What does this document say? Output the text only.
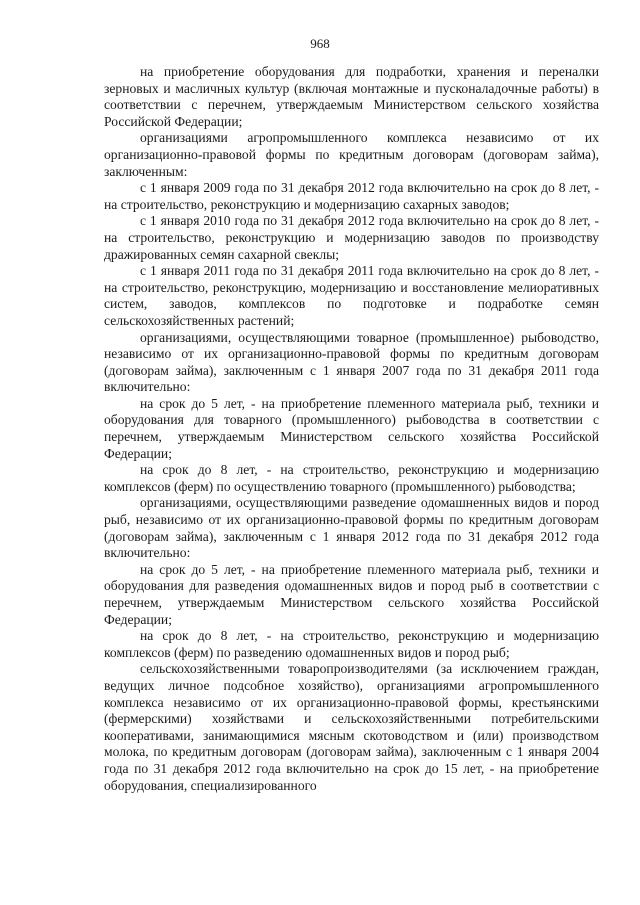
968

на приобретение оборудования для подработки, хранения и переналки зерновых и масличных культур (включая монтажные и пусконаладочные работы) в соответствии с перечнем, утверждаемым Министерством сельского хозяйства Российской Федерации;

организациями агропромышленного комплекса независимо от их организационно-правовой формы по кредитным договорам (договорам займа), заключенным:

с 1 января 2009 года по 31 декабря 2012 года включительно на срок до 8 лет, - на строительство, реконструкцию и модернизацию сахарных заводов;

с 1 января 2010 года по 31 декабря 2012 года включительно на срок до 8 лет, - на строительство, реконструкцию и модернизацию заводов по производству дражированных семян сахарной свеклы;

с 1 января 2011 года по 31 декабря 2011 года включительно на срок до 8 лет, - на строительство, реконструкцию, модернизацию и восстановление мелиоративных систем, заводов, комплексов по подготовке и подработке семян сельскохозяйственных растений;

организациями, осуществляющими товарное (промышленное) рыбоводство, независимо от их организационно-правовой формы по кредитным договорам (договорам займа), заключенным с 1 января 2007 года по 31 декабря 2011 года включительно:

на срок до 5 лет, - на приобретение племенного материала рыб, техники и оборудования для товарного (промышленного) рыбоводства в соответствии с перечнем, утверждаемым Министерством сельского хозяйства Российской Федерации;

на срок до 8 лет, - на строительство, реконструкцию и модернизацию комплексов (ферм) по осуществлению товарного (промышленного) рыбоводства;

организациями, осуществляющими разведение одомашненных видов и пород рыб, независимо от их организационно-правовой формы по кредитным договорам (договорам займа), заключенным с 1 января 2012 года по 31 декабря 2012 года включительно:

на срок до 5 лет, - на приобретение племенного материала рыб, техники и оборудования для разведения одомашненных видов и пород рыб в соответствии с перечнем, утверждаемым Министерством сельского хозяйства Российской Федерации;

на срок до 8 лет, - на строительство, реконструкцию и модернизацию комплексов (ферм) по разведению одомашненных видов и пород рыб;

сельскохозяйственными товаропроизводителями (за исключением граждан, ведущих личное подсобное хозяйство), организациями агропромышленного комплекса независимо от их организационно-правовой формы, крестьянскими (фермерскими) хозяйствами и сельскохозяйственными потребительскими кооперативами, занимающимися мясным скотоводством и (или) производством молока, по кредитным договорам (договорам займа), заключенным с 1 января 2004 года по 31 декабря 2012 года включительно на срок до 15 лет, - на приобретение оборудования, специализированного
